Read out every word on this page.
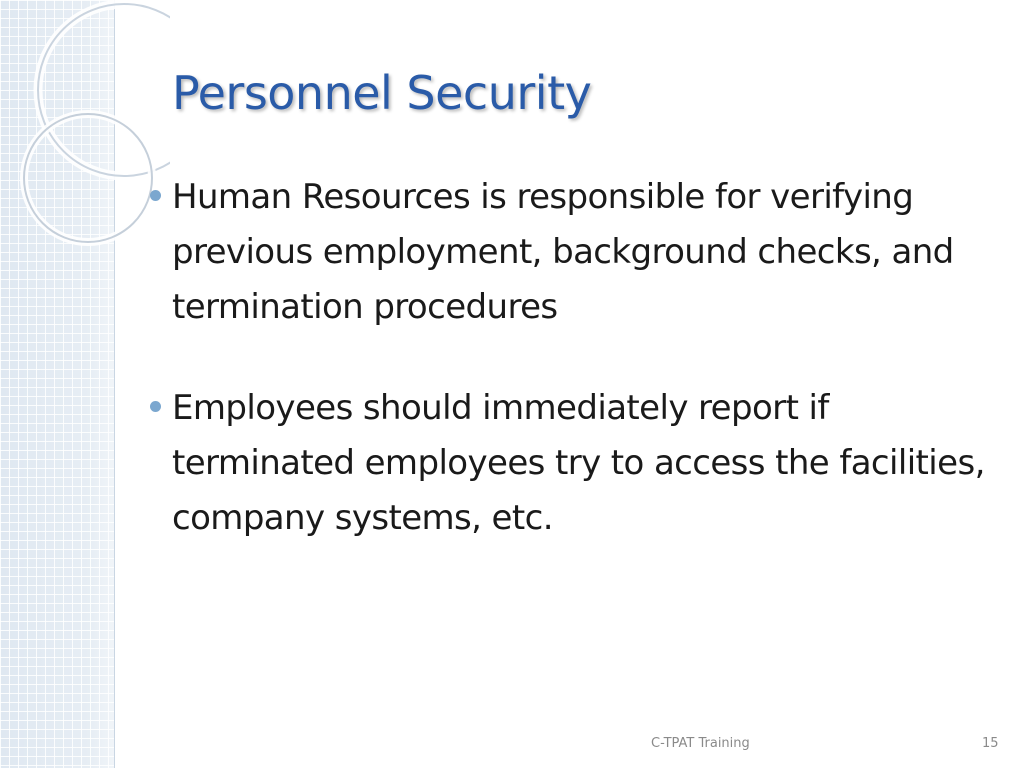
Personnel Security
Human Resources is responsible for verifying previous employment, background checks, and termination procedures
Employees should immediately report if terminated employees try to access the facilities, company systems, etc.
C-TPAT Training	15
